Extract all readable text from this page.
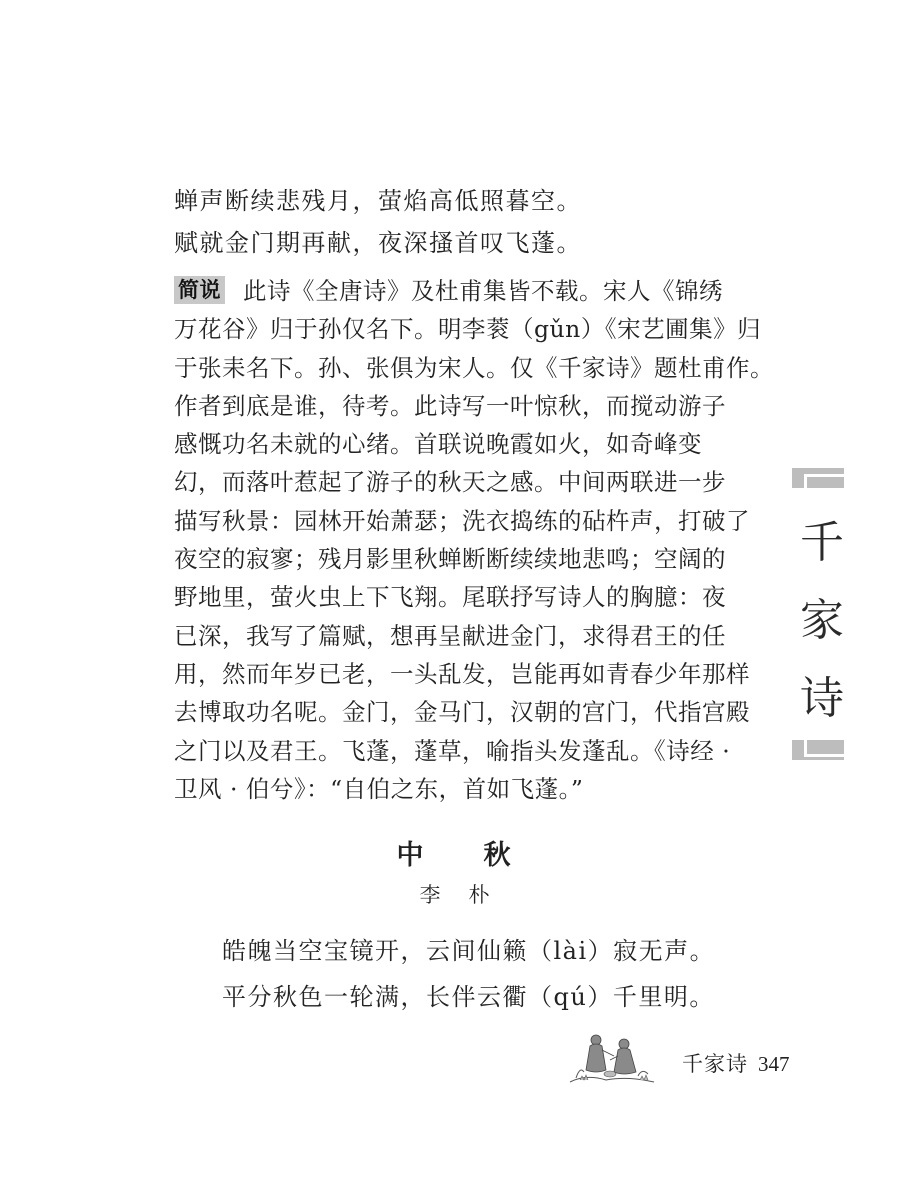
蝉声断续悲残月，萤焰高低照暮空。
赋就金门期再献，夜深搔首叹飞蓬。
简说 此诗《全唐诗》及杜甫集皆不载。宋人《锦绣
万花谷》归于孙仅名下。明李蓘（gǔn）《宋艺圃集》归
于张耒名下。孙、张俱为宋人。仅《千家诗》题杜甫作。
作者到底是谁，待考。此诗写一叶惊秋，而搅动游子
感慨功名未就的心绪。首联说晚霞如火，如奇峰变
幻，而落叶惹起了游子的秋天之感。中间两联进一步
描写秋景：园林开始萧瑟；洗衣捣练的砧杵声，打破了
夜空的寂寥；残月影里秋蝉断断续续地悲鸣；空阔的
野地里，萤火虫上下飞翔。尾联抒写诗人的胸臆：夜
已深，我写了篇赋，想再呈献进金门，求得君王的任
用，然而年岁已老，一头乱发，岂能再如青春少年那样
去博取功名呢。金门，金马门，汉朝的宫门，代指宫殿
之门以及君王。飞蓬，蓬草，喻指头发蓬乱。《诗经 ·
卫风 · 伯兮》：“自伯之东，首如飞蓬。”
中秋
李朴
皓魄当空宝镜开，云间仙籁（lài）寂无声。
平分秋色一轮满，长伴云衢（qú）千里明。
千
家
诗
千家诗 347
